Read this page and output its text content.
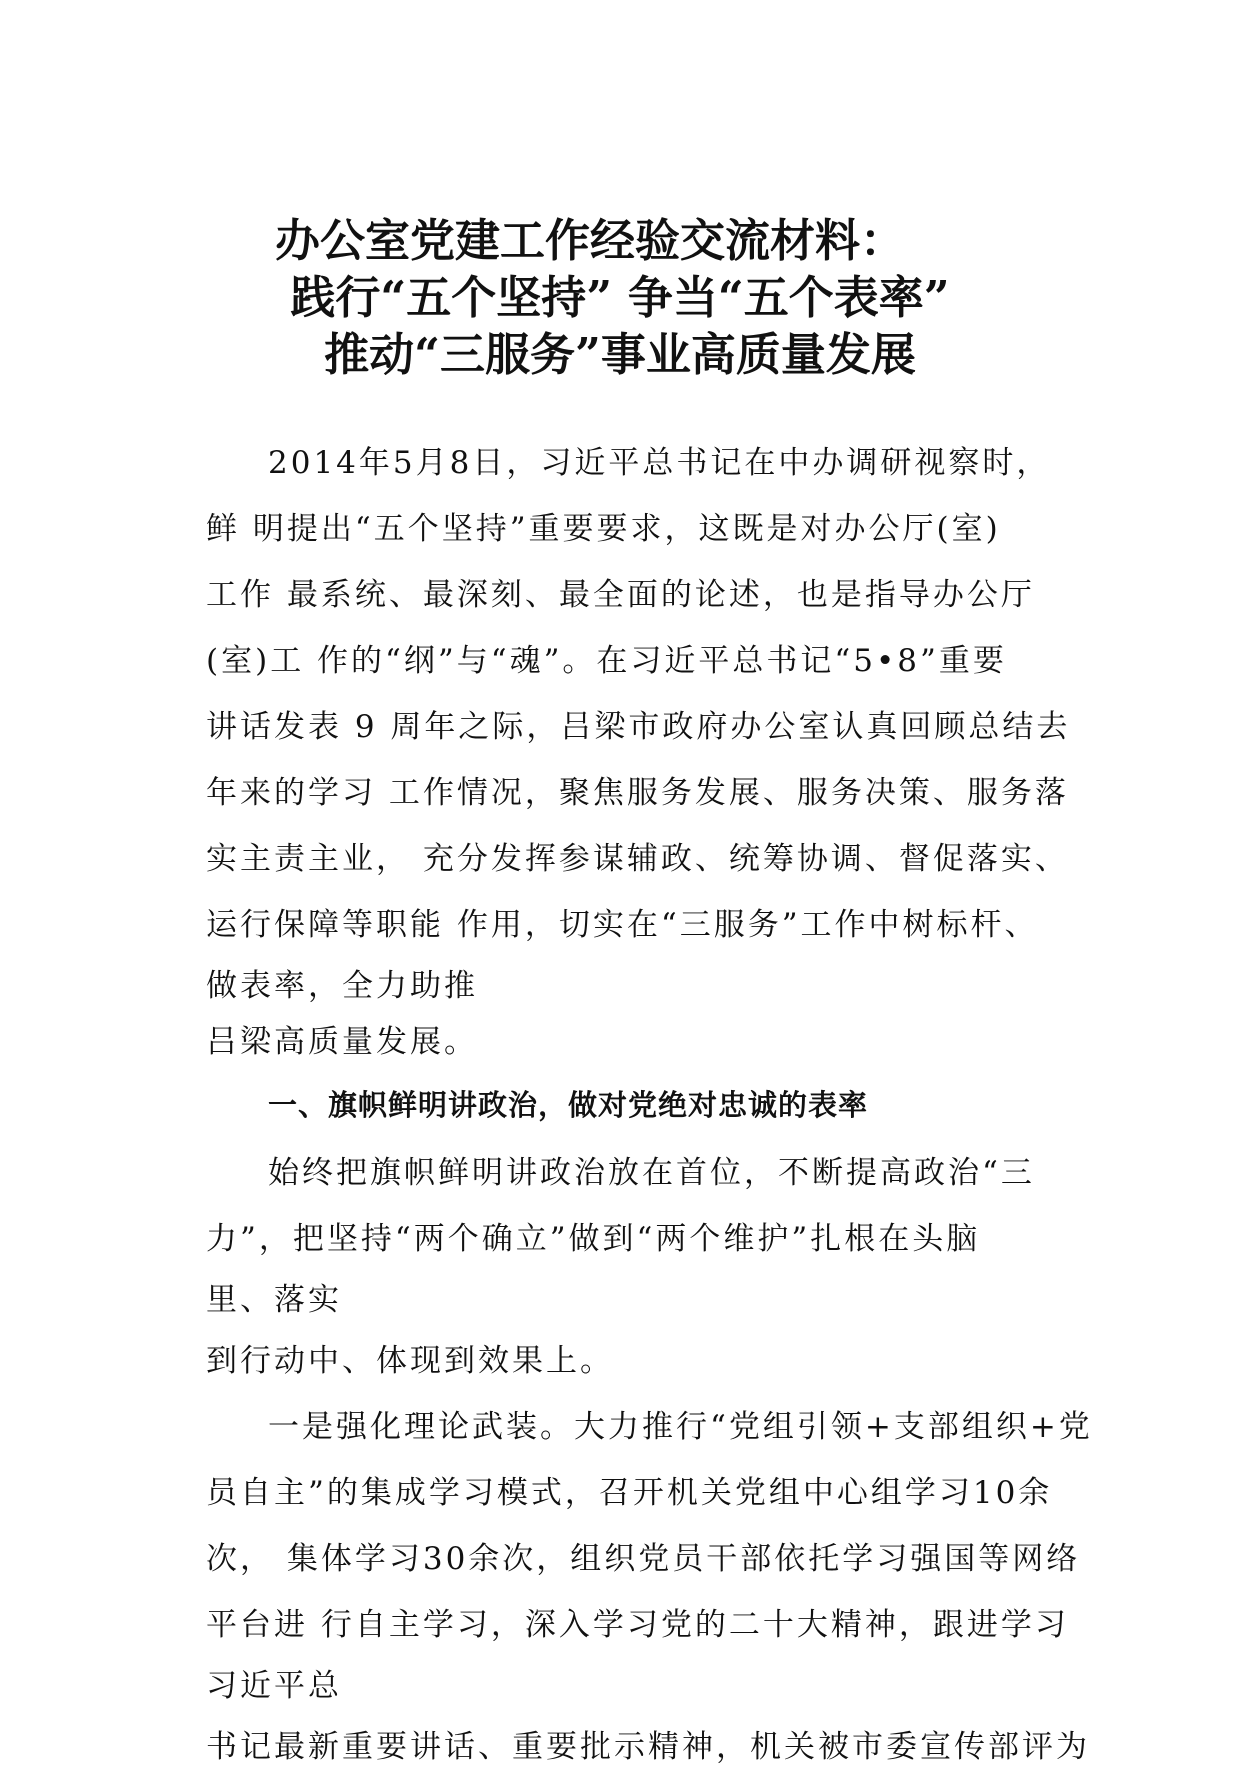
办公室党建工作经验交流材料：
践行“五个坚持” 争当“五个表率”
推动“三服务”事业高质量发展
2014年5月8日，习近平总书记在中办调研视察时，
鲜 明提出“五个坚持”重要要求，这既是对办公厅(室)
工作 最系统、最深刻、最全面的论述，也是指导办公厅
(室)工 作的“纲”与“魂”。在习近平总书记“5•8”重要
讲话发表 9 周年之际，吕梁市政府办公室认真回顾总结去
年来的学习 工作情况，聚焦服务发展、服务决策、服务落
实主责主业， 充分发挥参谋辅政、统筹协调、督促落实、
运行保障等职能 作用，切实在“三服务”工作中树标杆、
做表率，全力助推
吕梁高质量发展。
一、旗帜鲜明讲政治，做对党绝对忠诚的表率
始终把旗帜鲜明讲政治放在首位，不断提高政治“三
力”，把坚持“两个确立”做到“两个维护”扎根在头脑
里、落实
到行动中、体现到效果上。
一是强化理论武装。大力推行“党组引领+支部组织+党
员自主”的集成学习模式，召开机关党组中心组学习10余
次， 集体学习30余次，组织党员干部依托学习强国等网络
平台进 行自主学习，深入学习党的二十大精神，跟进学习
习近平总
书记最新重要讲话、重要批示精神，机关被市委宣传部评为
